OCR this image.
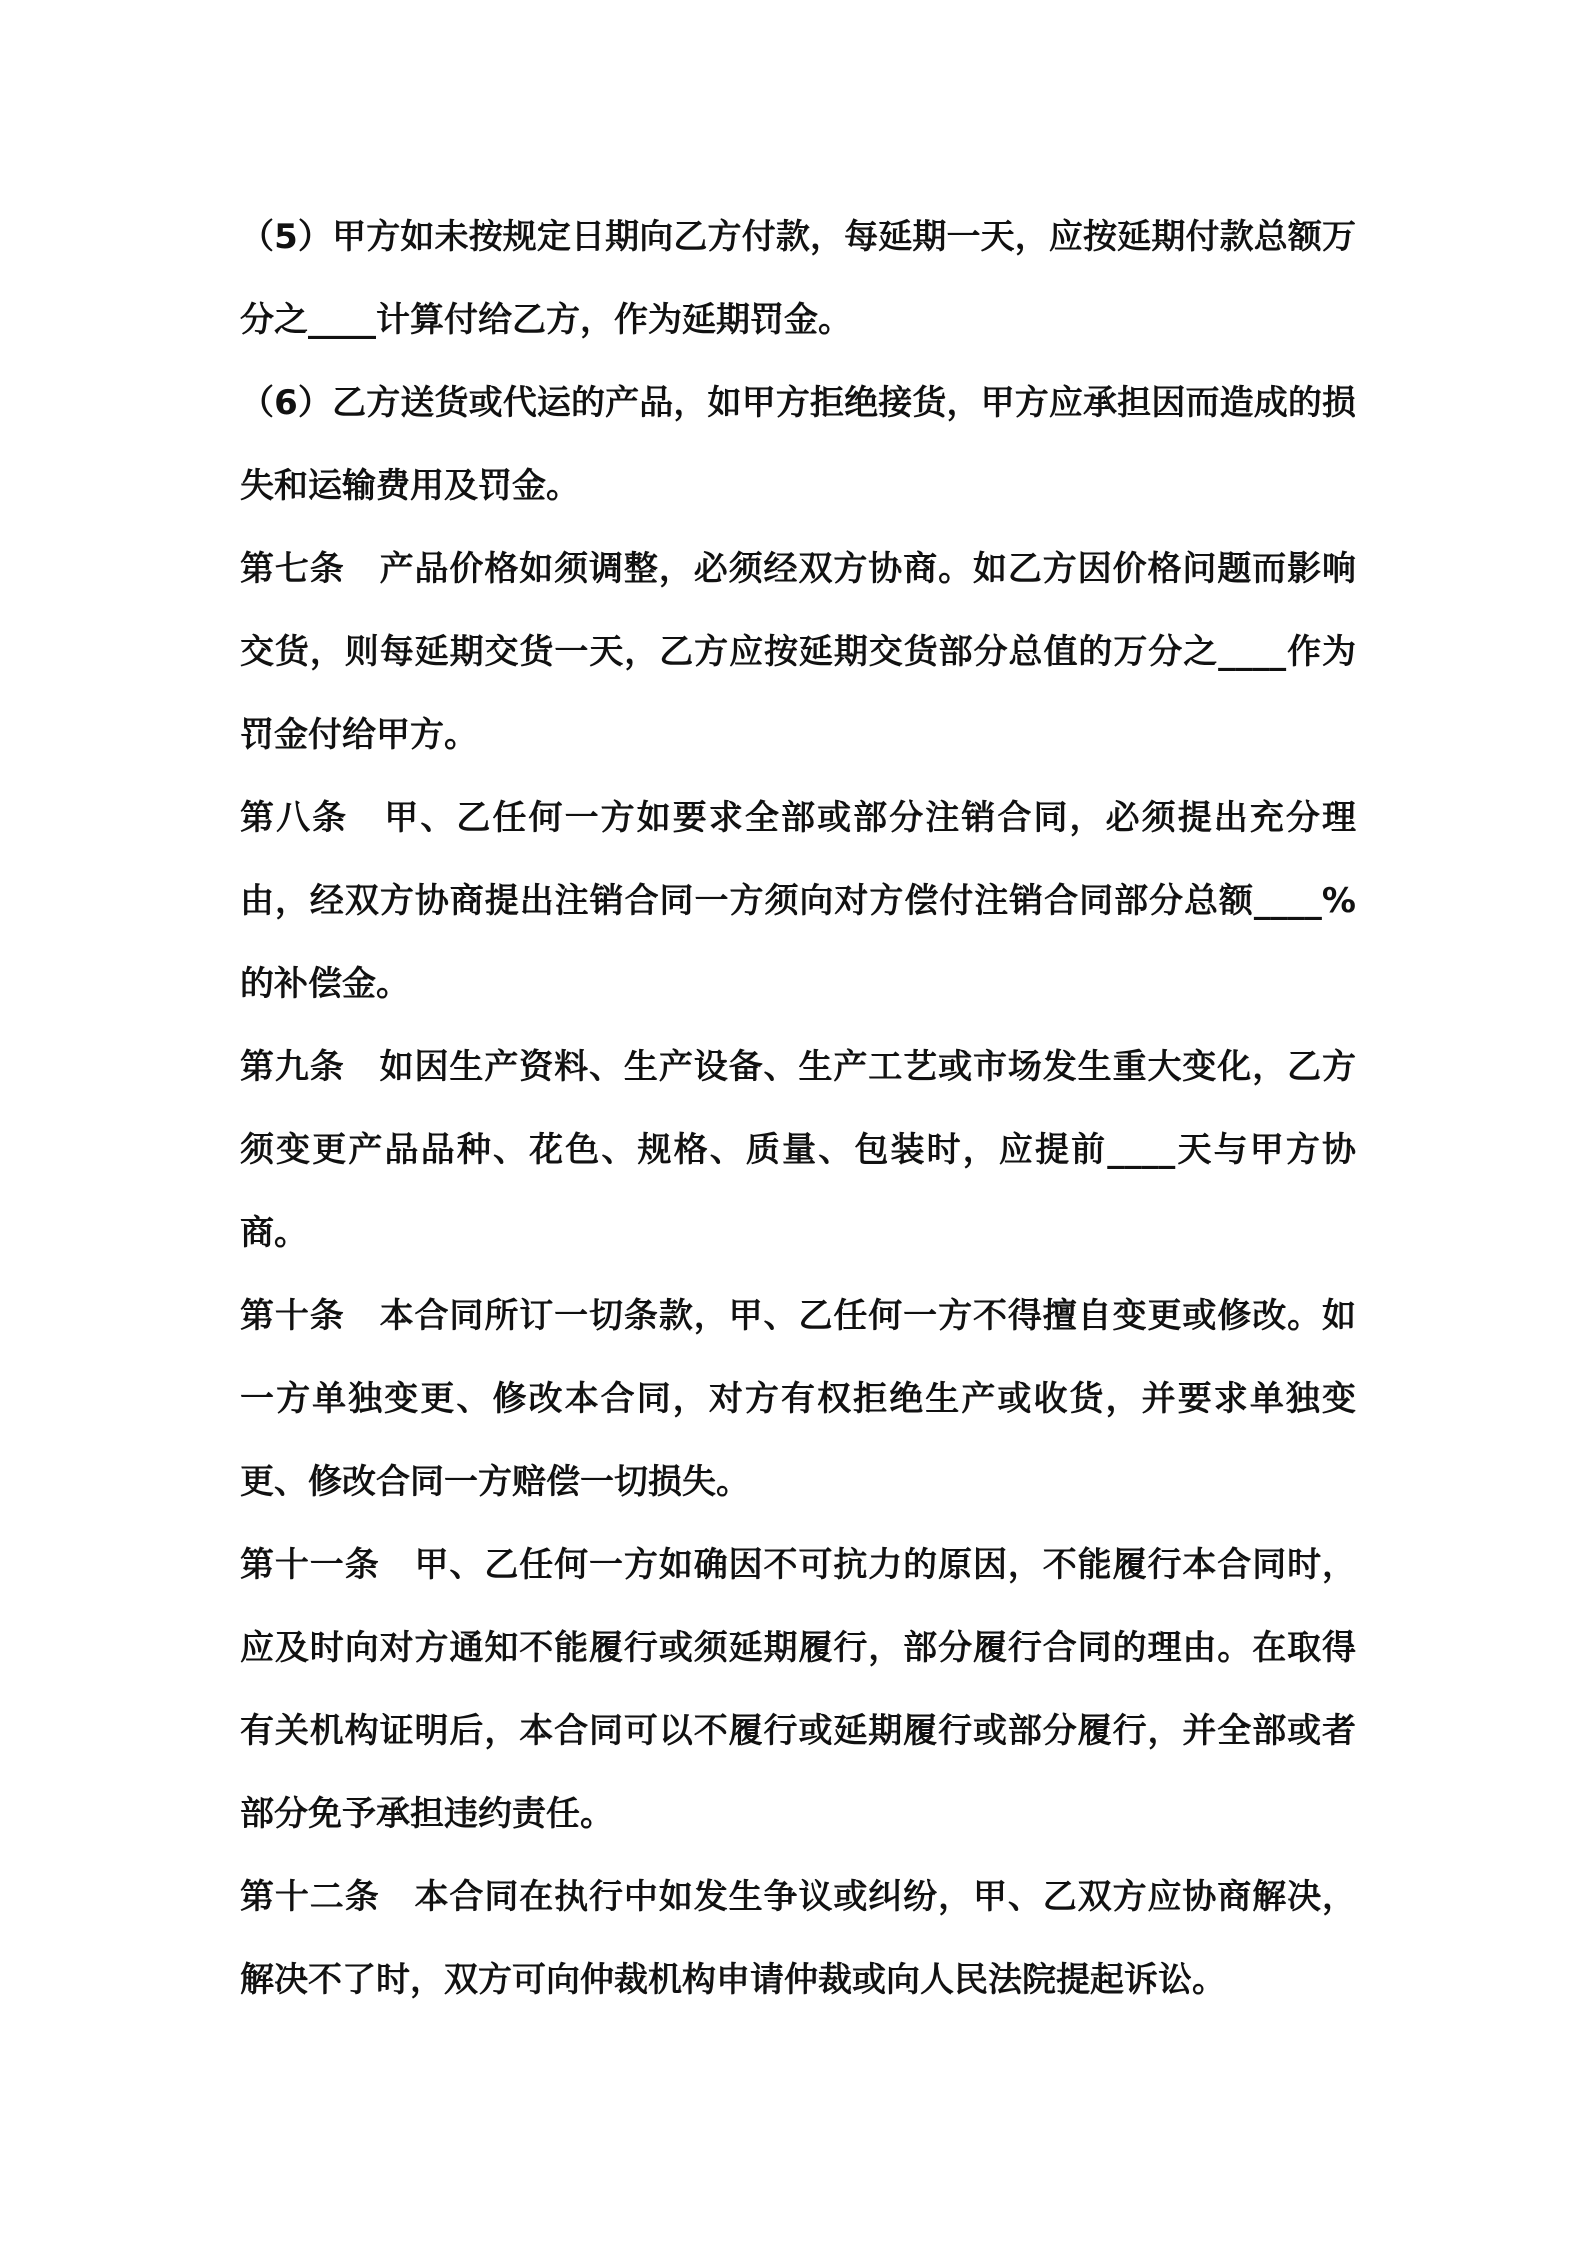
（5）甲方如未按规定日期向乙方付款，每延期一天，应按延期付款总额万分之____计算付给乙方，作为延期罚金。

（6）乙方送货或代运的产品，如甲方拒绝接货，甲方应承担因而造成的损失和运输费用及罚金。

第七条　产品价格如须调整，必须经双方协商。如乙方因价格问题而影响交货，则每延期交货一天，乙方应按延期交货部分总值的万分之____作为罚金付给甲方。

第八条　甲、乙任何一方如要求全部或部分注销合同，必须提出充分理由，经双方协商提出注销合同一方须向对方偿付注销合同部分总额____%的补偿金。

第九条　如因生产资料、生产设备、生产工艺或市场发生重大变化，乙方须变更产品品种、花色、规格、质量、包装时，应提前____天与甲方协商。

第十条　本合同所订一切条款，甲、乙任何一方不得擅自变更或修改。如一方单独变更、修改本合同，对方有权拒绝生产或收货，并要求单独变更、修改合同一方赔偿一切损失。

第十一条　甲、乙任何一方如确因不可抗力的原因，不能履行本合同时，应及时向对方通知不能履行或须延期履行，部分履行合同的理由。在取得有关机构证明后，本合同可以不履行或延期履行或部分履行，并全部或者部分免予承担违约责任。

第十二条　本合同在执行中如发生争议或纠纷，甲、乙双方应协商解决，解决不了时，双方可向仲裁机构申请仲裁或向人民法院提起诉讼。
